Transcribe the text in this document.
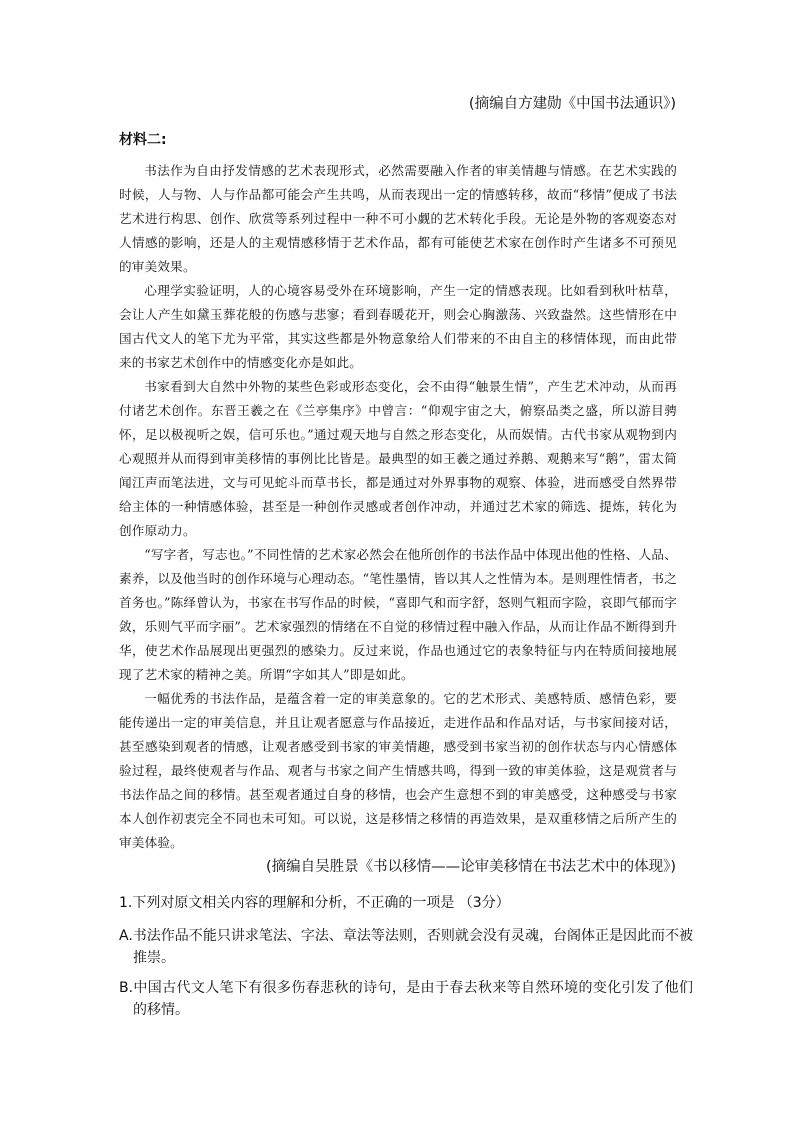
(摘编自方建勋《中国书法通识》)
材料二:

书法作为自由抒发情感的艺术表现形式，必然需要融入作者的审美情趣与情感。在艺术实践的时候，人与物、人与作品都可能会产生共鸣，从而表现出一定的情感转移，故而“移情”便成了书法艺术进行构思、创作、欣赏等系列过程中一种不可小觑的艺术转化手段。无论是外物的客观姿态对人情感的影响，还是人的主观情感移情于艺术作品，都有可能使艺术家在创作时产生诸多不可预见的审美效果。

心理学实验证明，人的心境容易受外在环境影响，产生一定的情感表现。比如看到秋叶枯草，会让人产生如黛玉葬花般的伤感与悲寥；看到春暖花开，则会心胸激荡、兴致盎然。这些情形在中国古代文人的笔下尤为平常，其实这些都是外物意象给人们带来的不由自主的移情体现，而由此带来的书家艺术创作中的情感变化亦是如此。

书家看到大自然中外物的某些色彩或形态变化，会不由得“触景生情”，产生艺术冲动，从而再付诸艺术创作。东晋王羲之在《兰亭集序》中曾言：“仰观宇宙之大，俯察品类之盛，所以游目骋怀，足以极视听之娱，信可乐也。”通过观天地与自然之形态变化，从而娱情。古代书家从观物到内心观照并从而得到审美移情的事例比比皆是。最典型的如王羲之通过养鹅、观鹅来写“鹅”，雷太简闻江声而笔法进，文与可见蛇斗而草书长，都是通过对外界事物的观察、体验，进而感受自然界带给主体的一种情感体验，甚至是一种创作灵感或者创作冲动，并通过艺术家的筛选、提炼，转化为创作原动力。

“写字者，写志也。”不同性情的艺术家必然会在他所创作的书法作品中体现出他的性格、人品、素养，以及他当时的创作环境与心理动态。“笔性墨情，皆以其人之性情为本。是则理性情者，书之首务也。”陈绎曾认为，书家在书写作品的时候，“喜即气和而字舒，怒则气粗而字险，哀即气郁而字敛，乐则气平而字丽”。艺术家强烈的情绪在不自觉的移情过程中融入作品，从而让作品不断得到升华，使艺术作品展现出更强烈的感染力。反过来说，作品也通过它的表象特征与内在特质间接地展现了艺术家的精神之美。所谓“字如其人”即是如此。

一幅优秀的书法作品，是蕴含着一定的审美意象的。它的艺术形式、美感特质、感情色彩，要能传递出一定的审美信息，并且让观者愿意与作品接近，走进作品和作品对话，与书家间接对话，甚至感染到观者的情感，让观者感受到书家的审美情趣，感受到书家当初的创作状态与内心情感体验过程，最终使观者与作品、观者与书家之间产生情感共鸣，得到一致的审美体验，这是观赏者与书法作品之间的移情。甚至观者通过自身的移情，也会产生意想不到的审美感受，这种感受与书家本人创作初衷完全不同也未可知。可以说，这是移情之移情的再造效果，是双重移情之后所产生的审美体验。

(摘编自吴胜景《书以移情——论审美移情在书法艺术中的体现》)
1.下列对原文相关内容的理解和分析，不正确的一项是 （3分）
A.书法作品不能只讲求笔法、字法、章法等法则，否则就会没有灵魂，台阁体正是因此而不被推崇。
B.中国古代文人笔下有很多伤春悲秋的诗句，是由于春去秋来等自然环境的变化引发了他们的移情。
